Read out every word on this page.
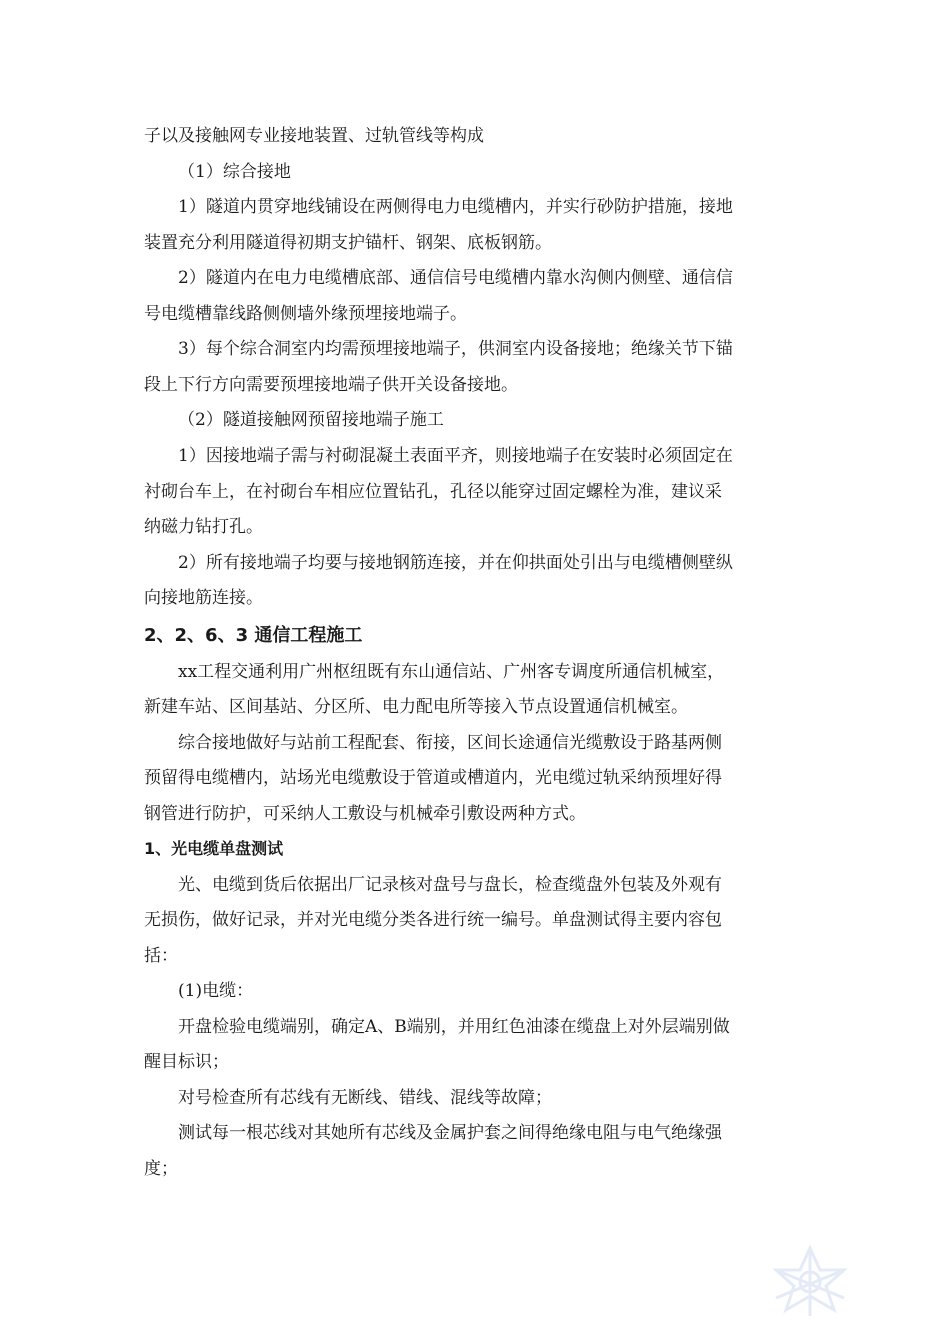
子以及接触网专业接地装置、过轨管线等构成
（1）综合接地
1）隧道内贯穿地线铺设在两侧得电力电缆槽内，并实行砂防护措施，接地
装置充分利用隧道得初期支护锚杆、钢架、底板钢筋。
2）隧道内在电力电缆槽底部、通信信号电缆槽内靠水沟侧内侧壁、通信信
号电缆槽靠线路侧侧墙外缘预埋接地端子。
3）每个综合洞室内均需预埋接地端子，供洞室内设备接地；绝缘关节下锚
段上下行方向需要预埋接地端子供开关设备接地。
（2）隧道接触网预留接地端子施工
1）因接地端子需与衬砌混凝土表面平齐，则接地端子在安装时必须固定在
衬砌台车上，在衬砌台车相应位置钻孔，孔径以能穿过固定螺栓为准，建议采
纳磁力钻打孔。
2）所有接地端子均要与接地钢筋连接，并在仰拱面处引出与电缆槽侧壁纵
向接地筋连接。
2、2、6、3 通信工程施工
xx工程交通利用广州枢纽既有东山通信站、广州客专调度所通信机械室，
新建车站、区间基站、分区所、电力配电所等接入节点设置通信机械室。
综合接地做好与站前工程配套、衔接，区间长途通信光缆敷设于路基两侧
预留得电缆槽内，站场光电缆敷设于管道或槽道内，光电缆过轨采纳预埋好得
钢管进行防护，可采纳人工敷设与机械牵引敷设两种方式。
1、光电缆单盘测试
光、电缆到货后依据出厂记录核对盘号与盘长，检查缆盘外包装及外观有
无损伤，做好记录，并对光电缆分类各进行统一编号。单盘测试得主要内容包
括：
(1)电缆：
开盘检验电缆端别，确定A、B端别，并用红色油漆在缆盘上对外层端别做
醒目标识；
对号检查所有芯线有无断线、错线、混线等故障；
测试每一根芯线对其她所有芯线及金属护套之间得绝缘电阻与电气绝缘强
度；
